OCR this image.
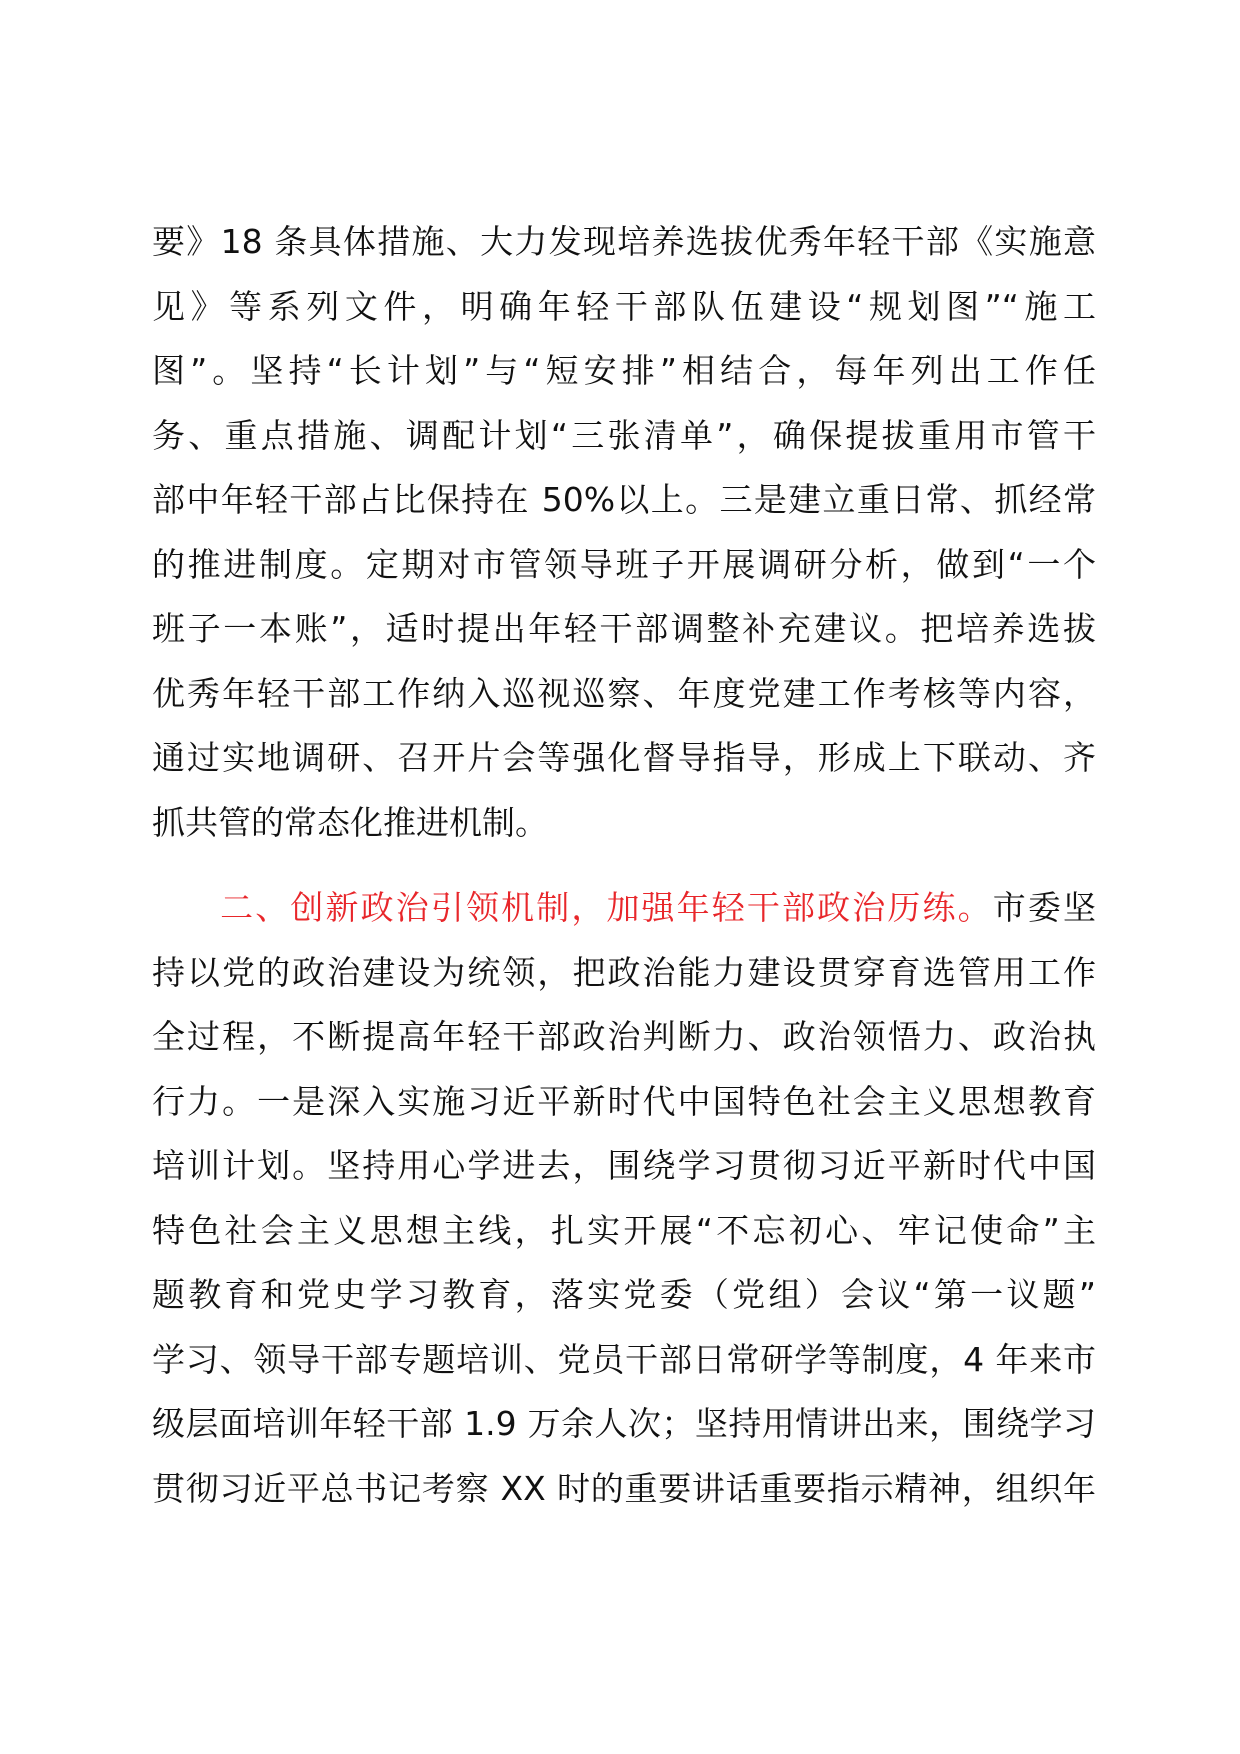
要》18 条具体措施、大力发现培养选拔优秀年轻干部《实施意
见》等系列文件，明确年轻干部队伍建设“规划图”“施工
图”。坚持“长计划”与“短安排”相结合，每年列出工作任
务、重点措施、调配计划“三张清单”，确保提拔重用市管干
部中年轻干部占比保持在 50%以上。三是建立重日常、抓经常
的推进制度。定期对市管领导班子开展调研分析，做到“一个
班子一本账”，适时提出年轻干部调整补充建议。把培养选拔
优秀年轻干部工作纳入巡视巡察、年度党建工作考核等内容，
通过实地调研、召开片会等强化督导指导，形成上下联动、齐
抓共管的常态化推进机制。
二、创新政治引领机制，加强年轻干部政治历练。市委坚
持以党的政治建设为统领，把政治能力建设贯穿育选管用工作
全过程，不断提高年轻干部政治判断力、政治领悟力、政治执
行力。一是深入实施习近平新时代中国特色社会主义思想教育
培训计划。坚持用心学进去，围绕学习贯彻习近平新时代中国
特色社会主义思想主线，扎实开展“不忘初心、牢记使命”主
题教育和党史学习教育，落实党委（党组）会议“第一议题”
学习、领导干部专题培训、党员干部日常研学等制度，4 年来市
级层面培训年轻干部 1.9 万余人次；坚持用情讲出来，围绕学习
贯彻习近平总书记考察 XX 时的重要讲话重要指示精神，组织年
